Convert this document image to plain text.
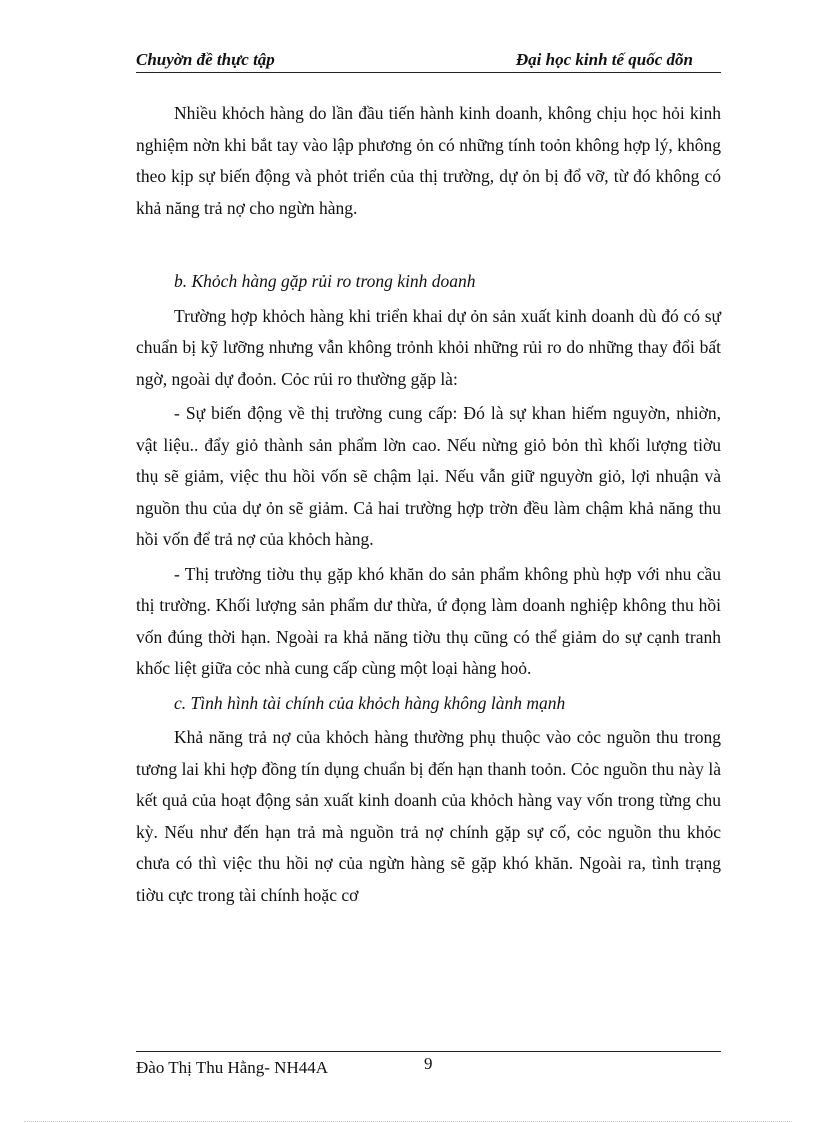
Chuyờn đề thực tập	Đại học kinh tế quốc dõn

Nhiều khỏch hàng do lần đầu tiến hành kinh doanh, không chịu học hỏi kinh nghiệm nờn khi bắt tay vào lập phương ỏn có những tính toỏn không hợp lý, không theo kịp sự biến động và phỏt triển của thị trường, dự ỏn bị đổ vỡ, từ đó không có khả năng trả nợ cho ngừn hàng.

b. Khỏch hàng gặp rủi ro trong kinh doanh

Trường hợp khỏch hàng khi triển khai dự ỏn sản xuất kinh doanh dù đó có sự chuẩn bị kỹ lưỡng nhưng vẫn không trỏnh khỏi những rủi ro do những thay đổi bất ngờ, ngoài dự đoỏn. Cỏc rủi ro thường gặp là:

- Sự biến động về thị trường cung cấp: Đó là sự khan hiếm nguyờn, nhiờn, vật liệu.. đẩy giỏ thành sản phẩm lờn cao. Nếu nừng giỏ bỏn thì khối lượng tiờu thụ sẽ giảm, việc thu hồi vốn sẽ chậm lại. Nếu vẫn giữ nguyờn giỏ, lợi nhuận và nguồn thu của dự ỏn sẽ giảm. Cả hai trường hợp trờn đều làm chậm khả năng thu hồi vốn để trả nợ của khỏch hàng.

- Thị trường tiờu thụ gặp khó khăn do sản phẩm không phù hợp với nhu cầu thị trường. Khối lượng sản phẩm dư thừa, ứ đọng làm doanh nghiệp không thu hồi vốn đúng thời hạn. Ngoài ra khả năng tiờu thụ cũng có thể giảm do sự cạnh tranh khốc liệt giữa cỏc nhà cung cấp cùng một loại hàng hoỏ.

c. Tình hình tài chính của khỏch hàng không lành mạnh

Khả năng trả nợ của khỏch hàng thường phụ thuộc vào cỏc nguồn thu trong tương lai khi hợp đồng tín dụng chuẩn bị đến hạn thanh toỏn. Cỏc nguồn thu này là kết quả của hoạt động sản xuất kinh doanh của khỏch hàng vay vốn trong từng chu kỳ. Nếu như đến hạn trả mà nguồn trả nợ chính gặp sự cố, cỏc nguồn thu khỏc chưa có thì việc thu hồi nợ của ngừn hàng sẽ gặp khó khăn. Ngoài ra, tình trạng tiờu cực trong tài chính hoặc cơ

Đào Thị Thu Hằng- NH44A	9
